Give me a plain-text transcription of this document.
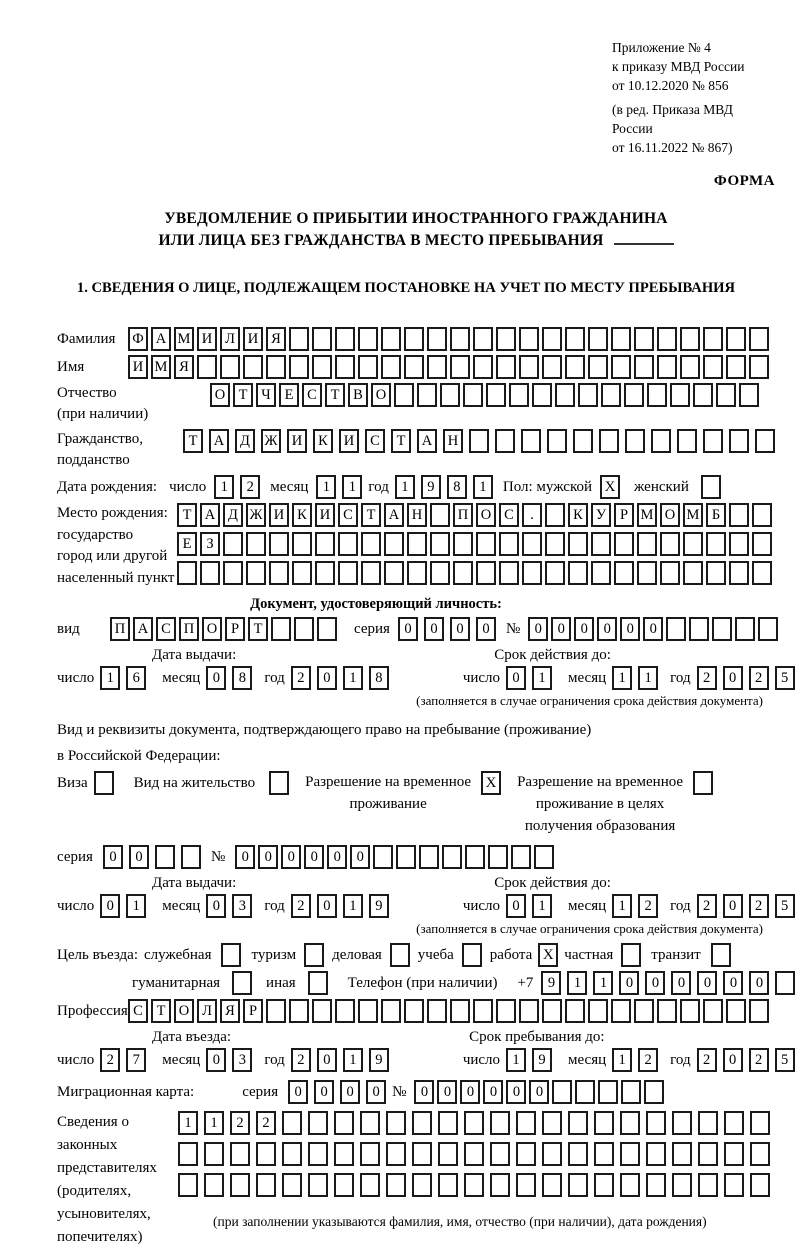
Приложение № 4
к приказу МВД России
от 10.12.2020 № 856
(в ред. Приказа МВД России
от 16.11.2022 № 867)
ФОРМА
УВЕДОМЛЕНИЕ О ПРИБЫТИИ ИНОСТРАННОГО ГРАЖДАНИНА
ИЛИ ЛИЦА БЕЗ ГРАЖДАНСТВА В МЕСТО ПРЕБЫВАНИЯ
1. СВЕДЕНИЯ О ЛИЦЕ, ПОДЛЕЖАЩЕМ ПОСТАНОВКЕ НА УЧЕТ ПО МЕСТУ ПРЕБЫВАНИЯ
Фамилия	Ф А М И Л И Я
Имя	И М Я
Отчество
(при наличии)
О Т Ч Е С Т В О
Гражданство,
подданство
Т	А	Д	Ж И	К	И	С	Т	А	Н
Дата рождения: число 1	2	месяц 1	1 год 1	9	8	1	Пол: мужской X	женский
Место рождения:
государство
город или другой
населенный пункт
Т А Д Ж И К И С Т А Н	П О С	.	К У Р М О М Б
Е	З
Документ, удостоверяющий личность:
вид	П А С П О Р	Т	серия 0	0	0	0	№ 0	0	0	0	0	0
Дата выдачи:	Срок действия до:
число 1	6	месяц 0	8	год 2	0	1	8	число 0	1	месяц 1	1	год 2	0	2	5
(заполняется в случае ограничения срока действия документа)
Вид и реквизиты документа, подтверждающего право на пребывание (проживание)
в Российской Федерации:
Виза	Вид на жительство	Разрешение на временное
проживание
X	Разрешение на временное
проживание в целях
получения образования
серия	0	0	№	0	0	0	0	0	0
Дата выдачи:	Срок действия до:
число 0	1	месяц 0	3	год 2	0	1	9	число 0	1	месяц 1	2	год 2	0	2	5
(заполняется в случае ограничения срока действия документа)
Цель въезда: служебная	туризм деловая учеба работа X частная	транзит
гуманитарная	иная	Телефон (при наличии) +7 9	1	1	0	0	0	0	0	0
Профессия С Т О Л Я Р
Дата въезда:	Срок пребывания до:
число 2	7	месяц 0	3	год 2	0	1	9	число 1	9	месяц 1	2	год 2	0	2	5
Миграционная карта:	серия	0	0	0	0 № 0	0	0	0	0	0
Сведения о
законных
представителях
(родителях,
усыновителях,
попечителях)
1	1	2	2
(при заполнении указываются фамилия, имя, отчество (при наличии), дата рождения)
